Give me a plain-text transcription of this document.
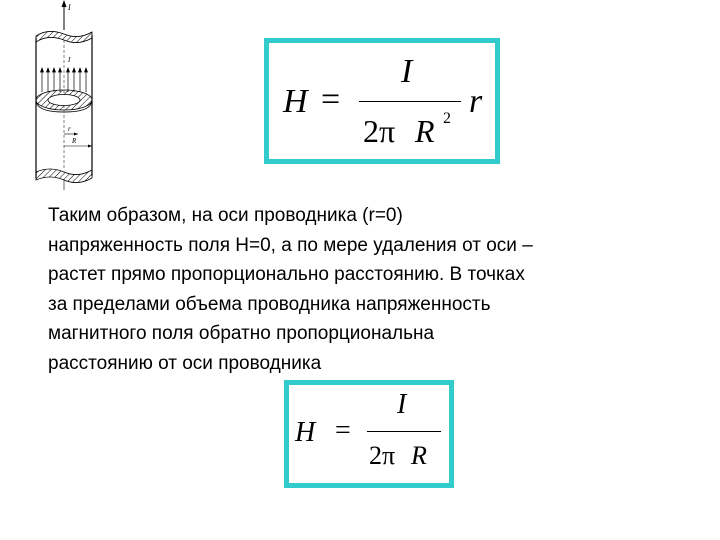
I
I
r
R
H =
I
2π R 2 r
Таким образом, на оси проводника (r=0)
напряженность поля H=0, а по мере удаления от оси –
растет прямо пропорционально расстоянию. В точках
за пределами объема проводника напряженность
магнитного поля обратно пропорциональна
расстоянию от оси проводника
H =
I
2π R
